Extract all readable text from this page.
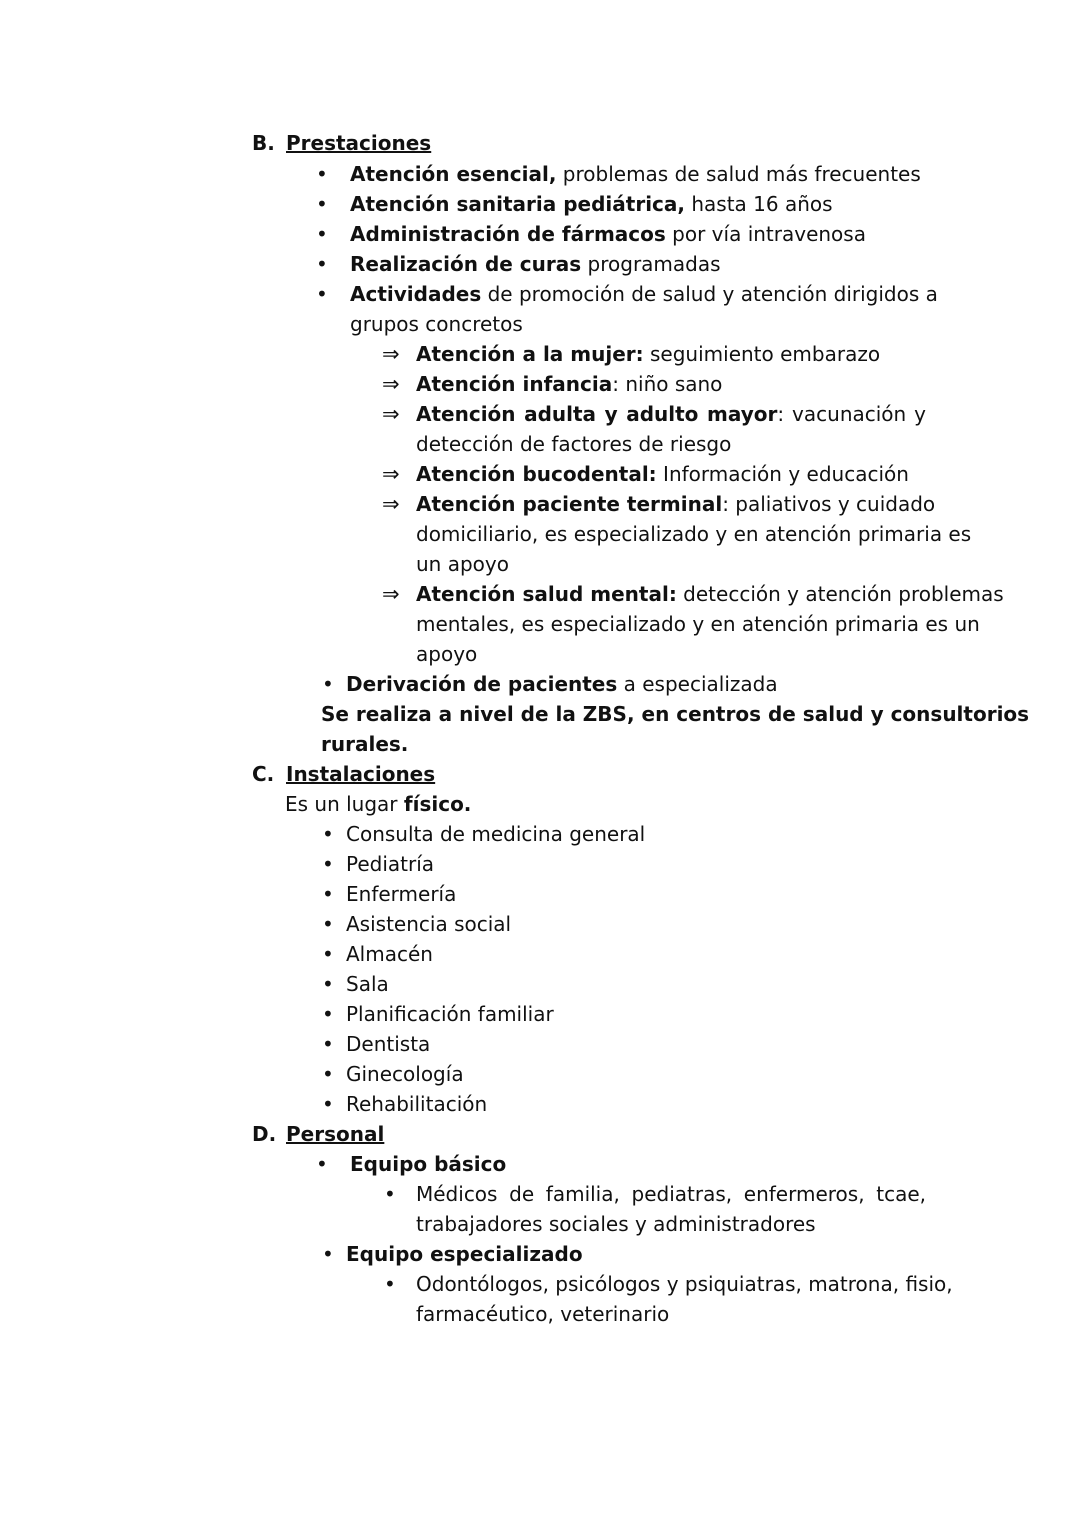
B. Prestaciones
• Atención esencial, problemas de salud más frecuentes
• Atención sanitaria pediátrica, hasta 16 años
• Administración de fármacos por vía intravenosa
• Realización de curas programadas
• Actividades de promoción de salud y atención dirigidos a
grupos concretos
⇒ Atención a la mujer: seguimiento embarazo
⇒ Atención infancia: niño sano
⇒ Atención adulta y adulto mayor: vacunación y
detección de factores de riesgo
⇒ Atención bucodental: Información y educación
⇒ Atención paciente terminal: paliativos y cuidado
domiciliario, es especializado y en atención primaria es
un apoyo
⇒ Atención salud mental: detección y atención problemas
mentales, es especializado y en atención primaria es un
apoyo
• Derivación de pacientes a especializada
Se realiza a nivel de la ZBS, en centros de salud y consultorios
rurales.
C. Instalaciones
Es un lugar físico.
• Consulta de medicina general
• Pediatría
• Enfermería
• Asistencia social
• Almacén
• Sala
• Planificación familiar
• Dentista
• Ginecología
• Rehabilitación
D. Personal
• Equipo básico
• Médicos de familia, pediatras, enfermeros, tcae,
trabajadores sociales y administradores
• Equipo especializado
• Odontólogos, psicólogos y psiquiatras, matrona, fisio,
farmacéutico, veterinario
